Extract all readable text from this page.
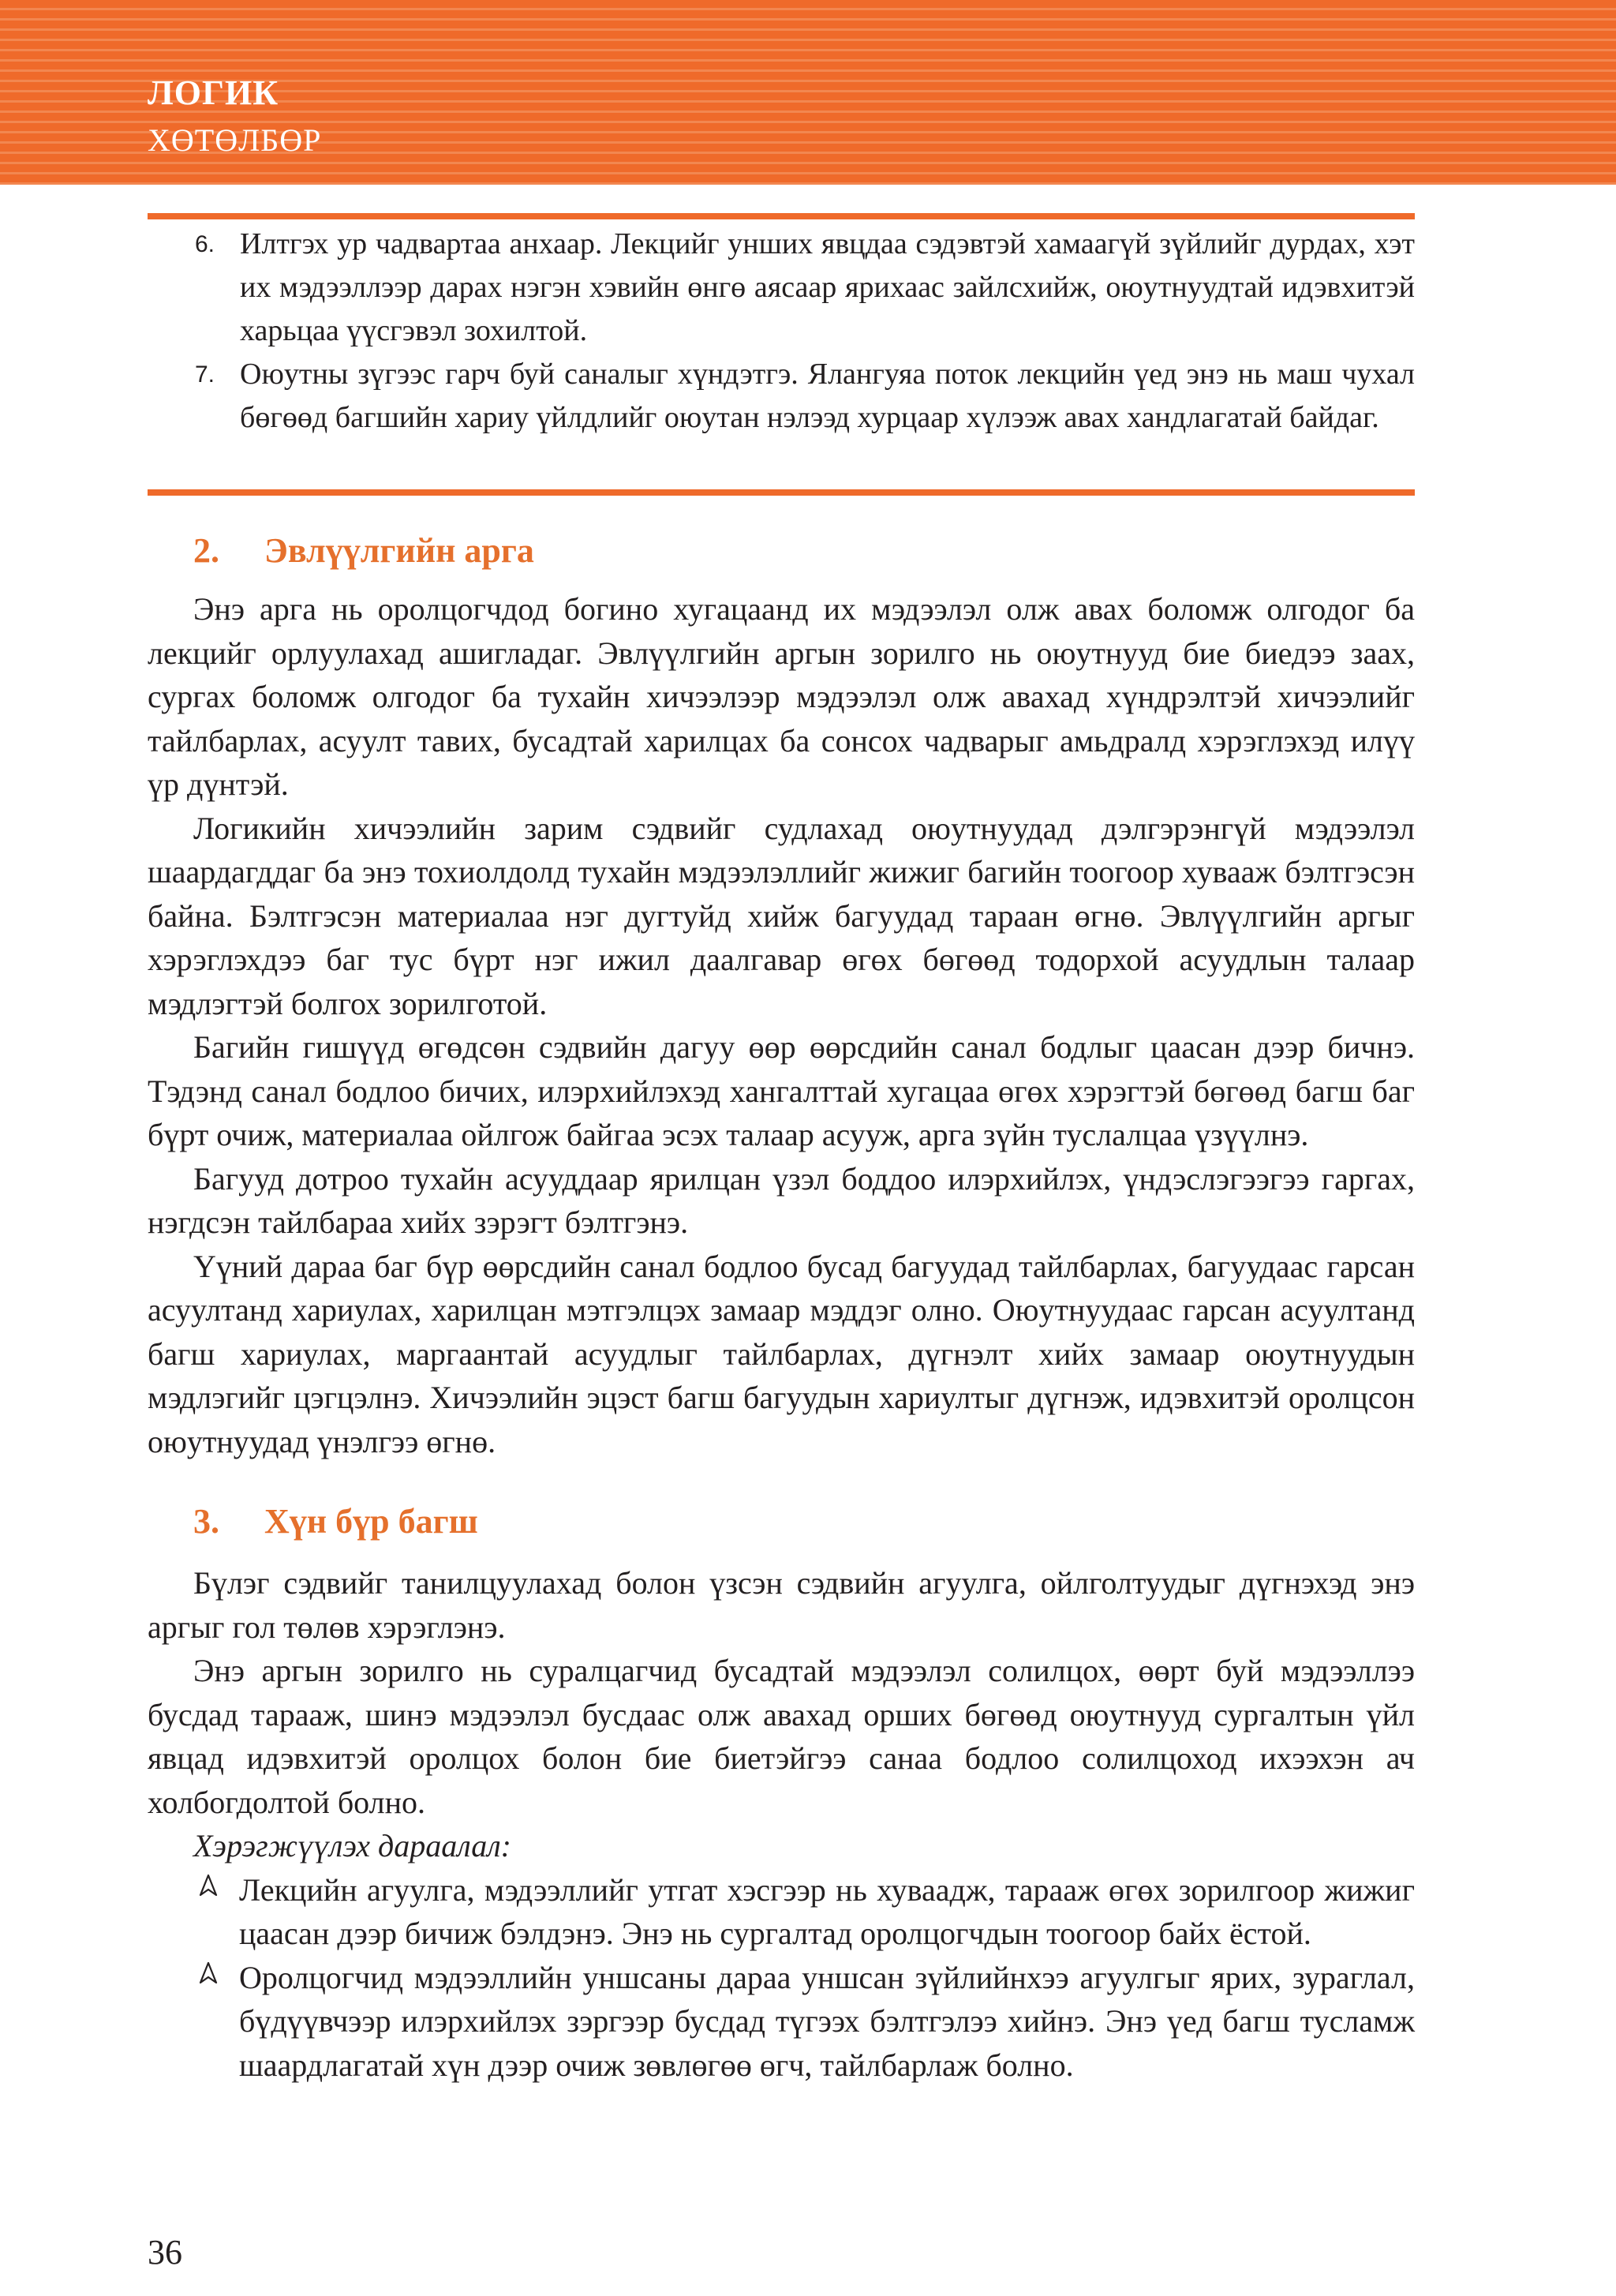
ЛОГИК
ХӨТӨЛБӨР
6. Илтгэх ур чадвартаа анхаар. Лекцийг унших явцдаа сэдэвтэй хамаагүй зүйлийг дурдах, хэт их мэдээллээр дарах нэгэн хэвийн өнгө аясаар ярихаас зайлсхийж, оюутнуудтай идэвхитэй харьцаа үүсгэвэл зохилтой.
7. Оюутны зүгээс гарч буй саналыг хүндэтгэ. Ялангуяа поток лекцийн үед энэ нь маш чухал бөгөөд багшийн хариу үйлдлийг оюутан нэлээд хурцаар хүлээж авах хандлагатай байдаг.
2. Эвлүүлгийн арга

Энэ арга нь оролцогчдод богино хугацаанд их мэдээлэл олж авах боломж олгодог ба лекцийг орлуулахад ашигладаг. Эвлүүлгийн аргын зорилго нь оюутнууд бие биедээ заах, сургах боломж олгодог ба тухайн хичээлээр мэдээлэл олж авахад хүндрэлтэй хичээлийг тайлбарлах, асуулт тавих, бусадтай харилцах ба сонсох чадварыг амьдралд хэрэглэхэд илүү үр дүнтэй.

Логикийн хичээлийн зарим сэдвийг судлахад оюутнуудад дэлгэрэнгүй мэдээлэл шаардагддаг ба энэ тохиолдолд тухайн мэдээлэллийг жижиг багийн тоогоор хувааж бэлтгэсэн байна. Бэлтгэсэн материалаа нэг дугтуйд хийж багуудад тараан өгнө. Эвлүүлгийн аргыг хэрэглэхдээ баг тус бүрт нэг ижил даалгавар өгөх бөгөөд тодорхой асуудлын талаар мэдлэгтэй болгох зорилготой.

Багийн гишүүд өгөдсөн сэдвийн дагуу өөр өөрсдийн санал бодлыг цаасан дээр бичнэ. Тэдэнд санал бодлоо бичих, илэрхийлэхэд хангалттай хугацаа өгөх хэрэгтэй бөгөөд багш баг бүрт очиж, материалаа ойлгож байгаа эсэх талаар асууж, арга зүйн туслалцаа үзүүлнэ.

Багууд дотроо тухайн асууддаар ярилцан үзэл боддоо илэрхийлэх, үндэслэгээгээ гаргах, нэгдсэн тайлбараа хийх зэрэгт бэлтгэнэ.

Үүний дараа баг бүр өөрсдийн санал бодлоо бусад багуудад тайлбарлах, багуудаас гарсан асуултанд хариулах, харилцан мэтгэлцэх замаар мэддэг олно. Оюутнуудаас гарсан асуултанд багш хариулах, маргаантай асуудлыг тайлбарлах, дүгнэлт хийх замаар оюутнуудын мэдлэгийг цэгцэлнэ. Хичээлийн эцэст багш багуудын хариултыг дүгнэж, идэвхитэй оролцсон оюутнуудад үнэлгээ өгнө.

3. Хүн бүр багш

Бүлэг сэдвийг танилцуулахад болон үзсэн сэдвийн агуулга, ойлголтуудыг дүгнэхэд энэ аргыг гол төлөв хэрэглэнэ.

Энэ аргын зорилго нь суралцагчид бусадтай мэдээлэл солилцох, өөрт буй мэдээллээ бусдад тарааж, шинэ мэдээлэл бусдаас олж авахад орших бөгөөд оюутнууд сургалтын үйл явцад идэвхитэй оролцох болон бие биетэйгээ санаа бодлоо солилцоход ихээхэн ач холбогдолтой болно.

Хэрэгжүүлэх дараалал:

Лекцийн агуулга, мэдээллийг утгат хэсгээр нь хуваадж, тарааж өгөх зорилгоор жижиг цаасан дээр бичиж бэлдэнэ. Энэ нь сургалтад оролцогчдын тоогоор байх ёстой.
Оролцогчид мэдээллийн уншсаны дараа уншсан зүйлийнхээ агуулгыг ярих, зураглал, бүдүүвчээр илэрхийлэх зэргээр бусдад түгээх бэлтгэлээ хийнэ. Энэ үед багш тусламж шаардлагатай хүн дээр очиж зөвлөгөө өгч, тайлбарлаж болно.
36
